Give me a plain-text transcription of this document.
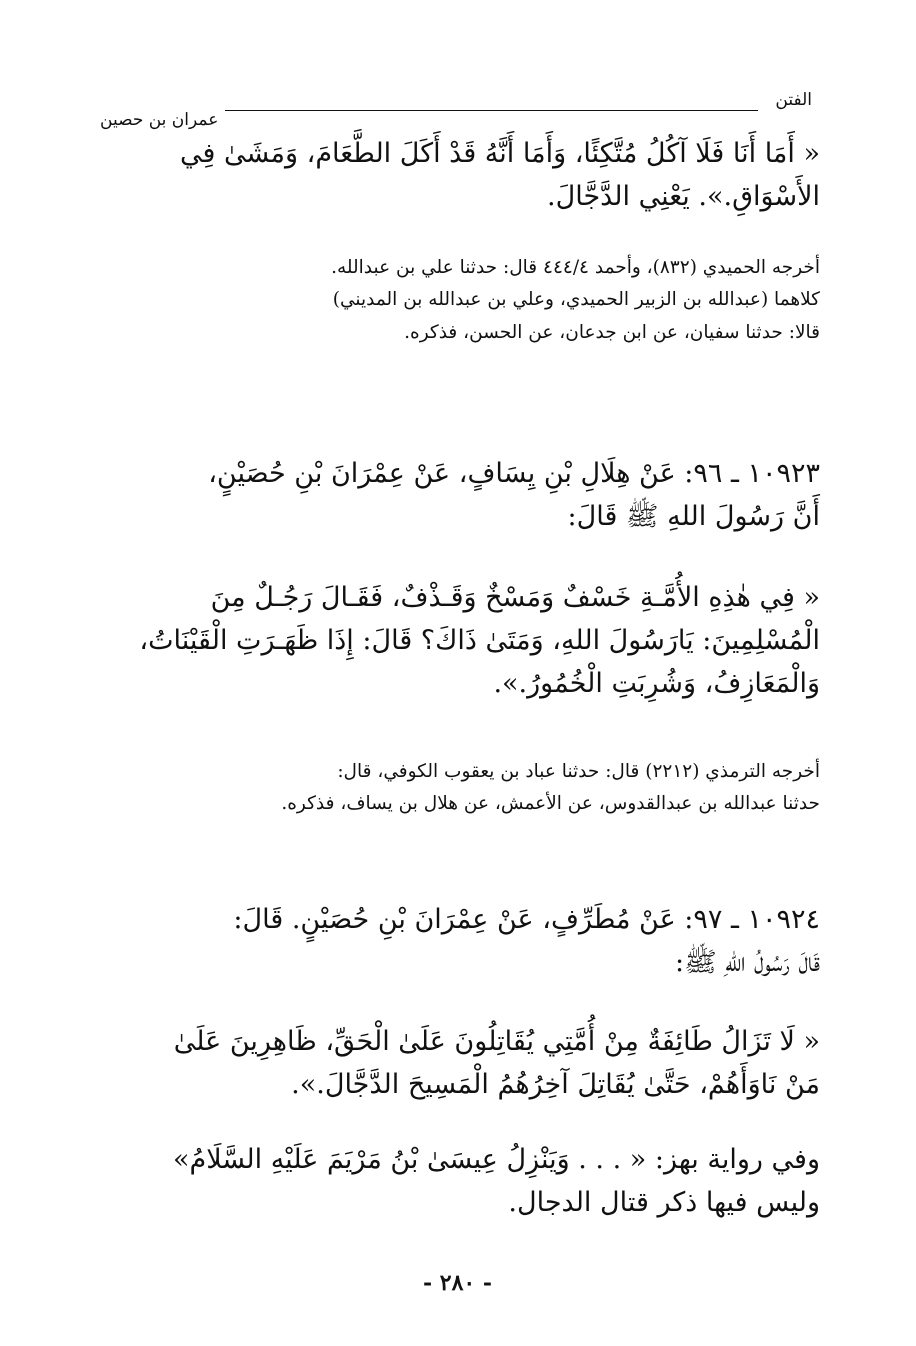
الفتن
عمران بن حصين
« أَمَا أَنَا فَلَا آكُلُ مُتَّكِئًا، وَأَمَا أَنَّهُ قَدْ أَكَلَ الطَّعَامَ، وَمَشَىٰ فِي
الأَسْوَاقِ.». يَعْنِي الدَّجَّالَ.
أخرجه الحميدي (٨٣٢)، وأحمد ٤٤٤/٤ قال: حدثنا علي بن عبدالله.
كلاهما (عبدالله بن الزبير الحميدي، وعلي بن عبدالله بن المديني)
قالا: حدثنا سفيان، عن ابن جدعان، عن الحسن، فذكره.
١٠٩٢٣ ـ ٩٦: عَنْ هِلَالِ بْنِ يِسَافٍ، عَنْ عِمْرَانَ بْنِ حُصَيْنٍ،
أَنَّ رَسُولَ اللهِ ﷺ قَالَ:
« فِي هٰذِهِ الأُمَّـةِ خَسْفٌ وَمَسْخٌ وَقَـذْفٌ، فَقَـالَ رَجُـلٌ مِنَ
الْمُسْلِمِينَ: يَارَسُولَ اللهِ، وَمَتَىٰ ذَاكَ؟ قَالَ: إِذَا ظَهَـرَتِ الْقَيْنَاتُ،
وَالْمَعَازِفُ، وَشُرِبَتِ الْخُمُورُ.».
أخرجه الترمذي (٢٢١٢) قال: حدثنا عباد بن يعقوب الكوفي، قال:
حدثنا عبدالله بن عبدالقدوس، عن الأعمش، عن هلال بن يساف، فذكره.
١٠٩٢٤ ـ ٩٧: عَنْ مُطَرِّفٍ، عَنْ عِمْرَانَ بْنِ حُصَيْنٍ. قَالَ:
قَالَ رَسُولُ اللهِ ﷺ:
« لَا تَزَالُ طَائِفَةٌ مِنْ أُمَّتِي يُقَاتِلُونَ عَلَىٰ الْحَقِّ، ظَاهِرِينَ عَلَىٰ
مَنْ نَاوَأَهُمْ، حَتَّىٰ يُقَاتِلَ آخِرُهُمُ الْمَسِيحَ الدَّجَّالَ.».
وفي رواية بهز: « . . . وَيَنْزِلُ عِيسَىٰ بْنُ مَرْيَمَ عَلَيْهِ السَّلَامُ»
وليس فيها ذكر قتال الدجال.
- ٢٨٠ -
